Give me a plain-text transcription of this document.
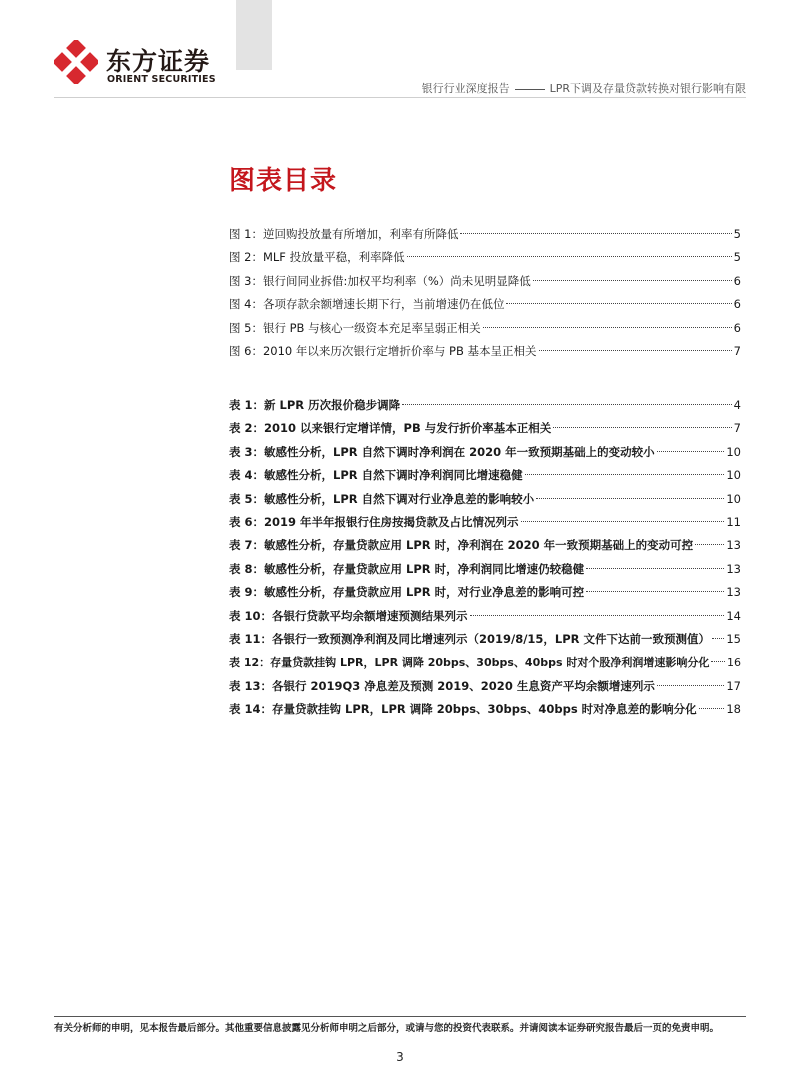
东方证券
ORIENT SECURITIES
银行行业深度报告	LPR下调及存量贷款转换对银行影响有限
图表目录
图 1：逆回购投放量有所增加，利率有所降低	5
图 2：MLF 投放量平稳，利率降低	5
图 3：银行间同业拆借:加权平均利率（%）尚未见明显降低	6
图 4：各项存款余额增速长期下行，当前增速仍在低位	6
图 5：银行 PB 与核心一级资本充足率呈弱正相关	6
图 6：2010 年以来历次银行定增折价率与 PB 基本呈正相关	7
表 1：新 LPR 历次报价稳步调降	4
表 2：2010 以来银行定增详情，PB 与发行折价率基本正相关	7
表 3：敏感性分析，LPR 自然下调时净利润在 2020 年一致预期基础上的变动较小	10
表 4：敏感性分析，LPR 自然下调时净利润同比增速稳健	10
表 5：敏感性分析，LPR 自然下调对行业净息差的影响较小	10
表 6：2019 年半年报银行住房按揭贷款及占比情况列示	11
表 7：敏感性分析，存量贷款应用 LPR 时，净利润在 2020 年一致预期基础上的变动可控	13
表 8：敏感性分析，存量贷款应用 LPR 时，净利润同比增速仍较稳健	13
表 9：敏感性分析，存量贷款应用 LPR 时，对行业净息差的影响可控	13
表 10：各银行贷款平均余额增速预测结果列示	14
表 11：各银行一致预测净利润及同比增速列示（2019/8/15，LPR 文件下达前一致预测值） 15
表 12：存量贷款挂钩 LPR，LPR 调降 20bps、30bps、40bps 时对个股净利润增速影响分化 16
表 13：各银行 2019Q3 净息差及预测 2019、2020 生息资产平均余额增速列示	17
表 14：存量贷款挂钩 LPR，LPR 调降 20bps、30bps、40bps 时对净息差的影响分化	18
有关分析师的申明，见本报告最后部分。其他重要信息披露见分析师申明之后部分，或请与您的投资代表联系。并请阅读本证券研究报告最后一页的免责申明。
3
